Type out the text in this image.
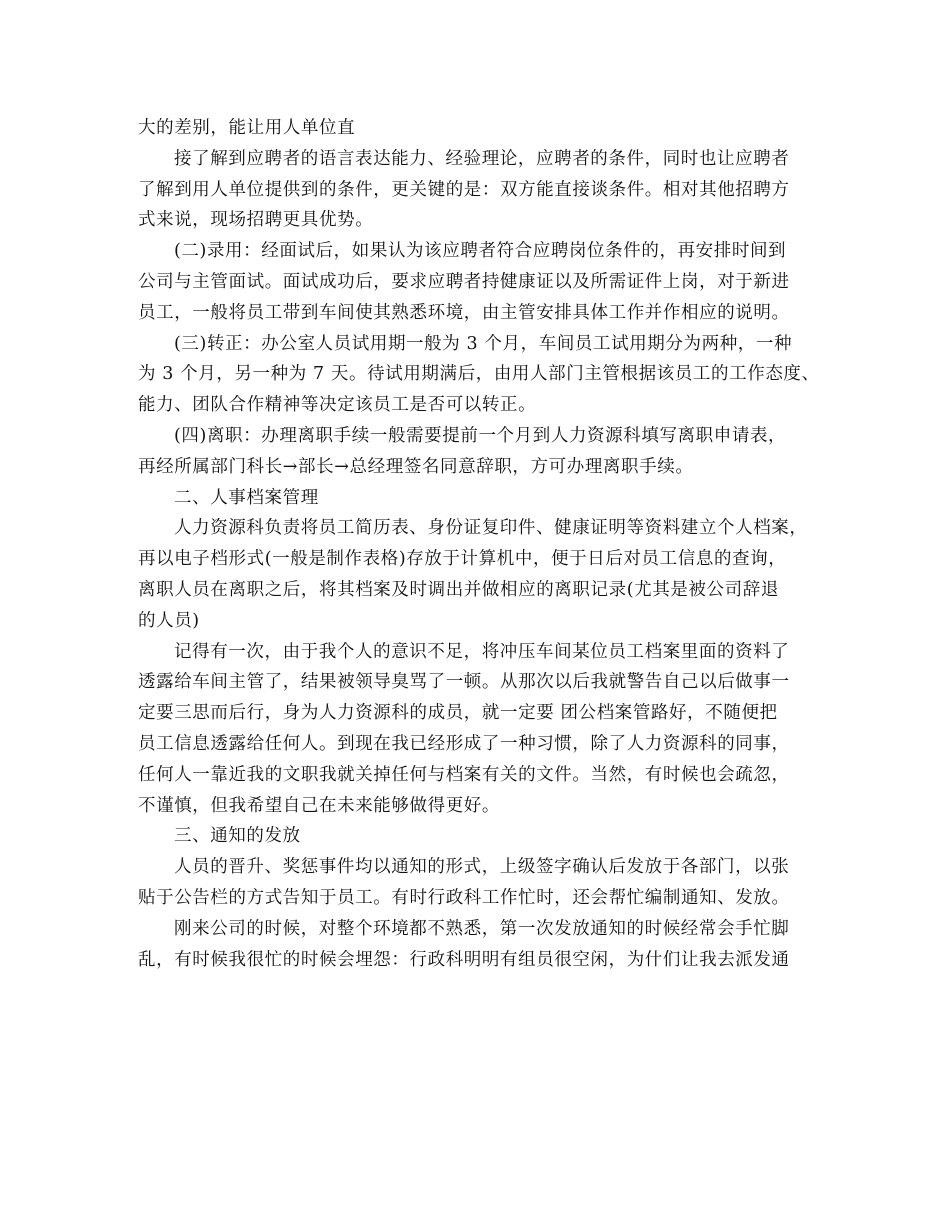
大的差别，能让用人单位直
接了解到应聘者的语言表达能力、经验理论，应聘者的条件，同时也让应聘者
了解到用人单位提供到的条件，更关键的是：双方能直接谈条件。相对其他招聘方
式来说，现场招聘更具优势。
(二)录用：经面试后，如果认为该应聘者符合应聘岗位条件的，再安排时间到
公司与主管面试。面试成功后，要求应聘者持健康证以及所需证件上岗，对于新进
员工，一般将员工带到车间使其熟悉环境，由主管安排具体工作并作相应的说明。
(三)转正：办公室人员试用期一般为 3 个月，车间员工试用期分为两种，一种
为 3 个月，另一种为 7 天。待试用期满后，由用人部门主管根据该员工的工作态度、
能力、团队合作精神等决定该员工是否可以转正。
(四)离职：办理离职手续一般需要提前一个月到人力资源科填写离职申请表，
再经所属部门科长→部长→总经理签名同意辞职，方可办理离职手续。
二、人事档案管理
人力资源科负责将员工简历表、身份证复印件、健康证明等资料建立个人档案，
再以电子档形式(一般是制作表格)存放于计算机中，便于日后对员工信息的查询，
离职人员在离职之后，将其档案及时调出并做相应的离职记录(尤其是被公司辞退
的人员)
记得有一次，由于我个人的意识不足，将冲压车间某位员工档案里面的资料了
透露给车间主管了，结果被领导臭骂了一顿。从那次以后我就警告自己以后做事一
定要三思而后行，身为人力资源科的成员，就一定要 团公档案管路好，不随便把
员工信息透露给任何人。到现在我已经形成了一种习惯，除了人力资源科的同事，
任何人一靠近我的文职我就关掉任何与档案有关的文件。当然，有时候也会疏忽，
不谨慎，但我希望自己在未来能够做得更好。
三、通知的发放
人员的晋升、奖惩事件均以通知的形式，上级签字确认后发放于各部门，以张
贴于公告栏的方式告知于员工。有时行政科工作忙时，还会帮忙编制通知、发放。
刚来公司的时候，对整个环境都不熟悉，第一次发放通知的时候经常会手忙脚
乱，有时候我很忙的时候会埋怨：行政科明明有组员很空闲，为什们让我去派发通
